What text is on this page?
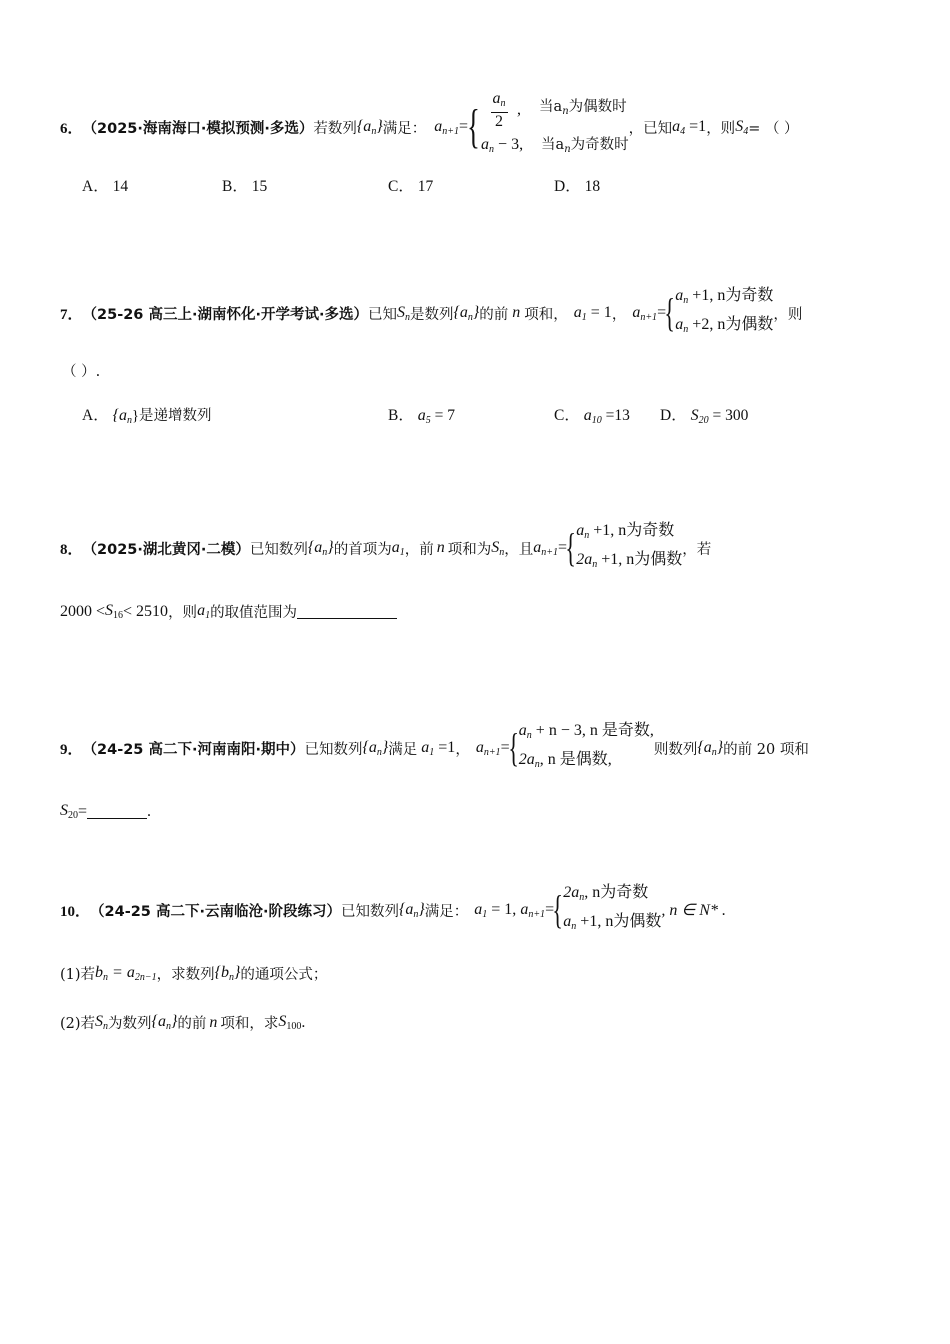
6． （2025·海南海口·模拟预测·多选） 若数列 $\{a_n\}$ 满足： $a_{n+1}$ = { $\frac{a_n}{2}$ , 当$a_n$为偶数时
$a_n - 3$,	当$a_n$为奇数时
，已知 $a_4 =1$ ，则 $S_4$ = （ ）
A． 14	B． 15	C． 17	D． 18
7． （25-26 高三上·湖南怀化·开学考试·多选） 已知 $S_n$ 是数列 $\{a_n\}$ 的前 n 项和， $a_1 = 1$ ， $a_{n+1}$ =
{ $a_n +1$, n为奇数
$a_n +2$, n为偶数
，则
（ ）.
A． $\{a_n\}$是递增数列	B． $a_5 = 7$	C． $a_{10} =13$ D． $S_{20} = 300$
8． （2025·湖北黄冈·二模） 已知数列 $\{a_n\}$ 的首项为 $a_1$ ，前 n 项和为 $S_n$ ，且 $a_{n+1}$ =
{ $a_n +1$, n为奇数
$2a_n +1$, n为偶数
，若
$2000 < S_{16} < 2510$ ，则 $a_1$ 的取值范围为
9． （24-25 高二下·河南南阳·期中） 已知数列 $\{a_n\}$ 满足 $a_1 =1$ ， $a_{n+1}$ =
{ $a_n + n - 3$, n 是奇数,
$2a_n$, n 是偶数,
则数列 $\{a_n\}$ 的前 20 项和
$S_{20}$ =	.
10． （24-25 高二下·云南临沧·阶段练习） 已知数列 $\{a_n\}$ 满足： $a_1 = 1$, $a_{n+1}$ =
{ $2a_n$, n为奇数
$a_n +1$, n为偶数
, n ∈ N* .
(1)若 $b_n = a_{2n-1}$ ，求数列 $\{b_n\}$ 的通项公式；
(2)若 $S_n$ 为数列 $\{a_n\}$ 的前 n 项和，求 $S_{100}$ .
